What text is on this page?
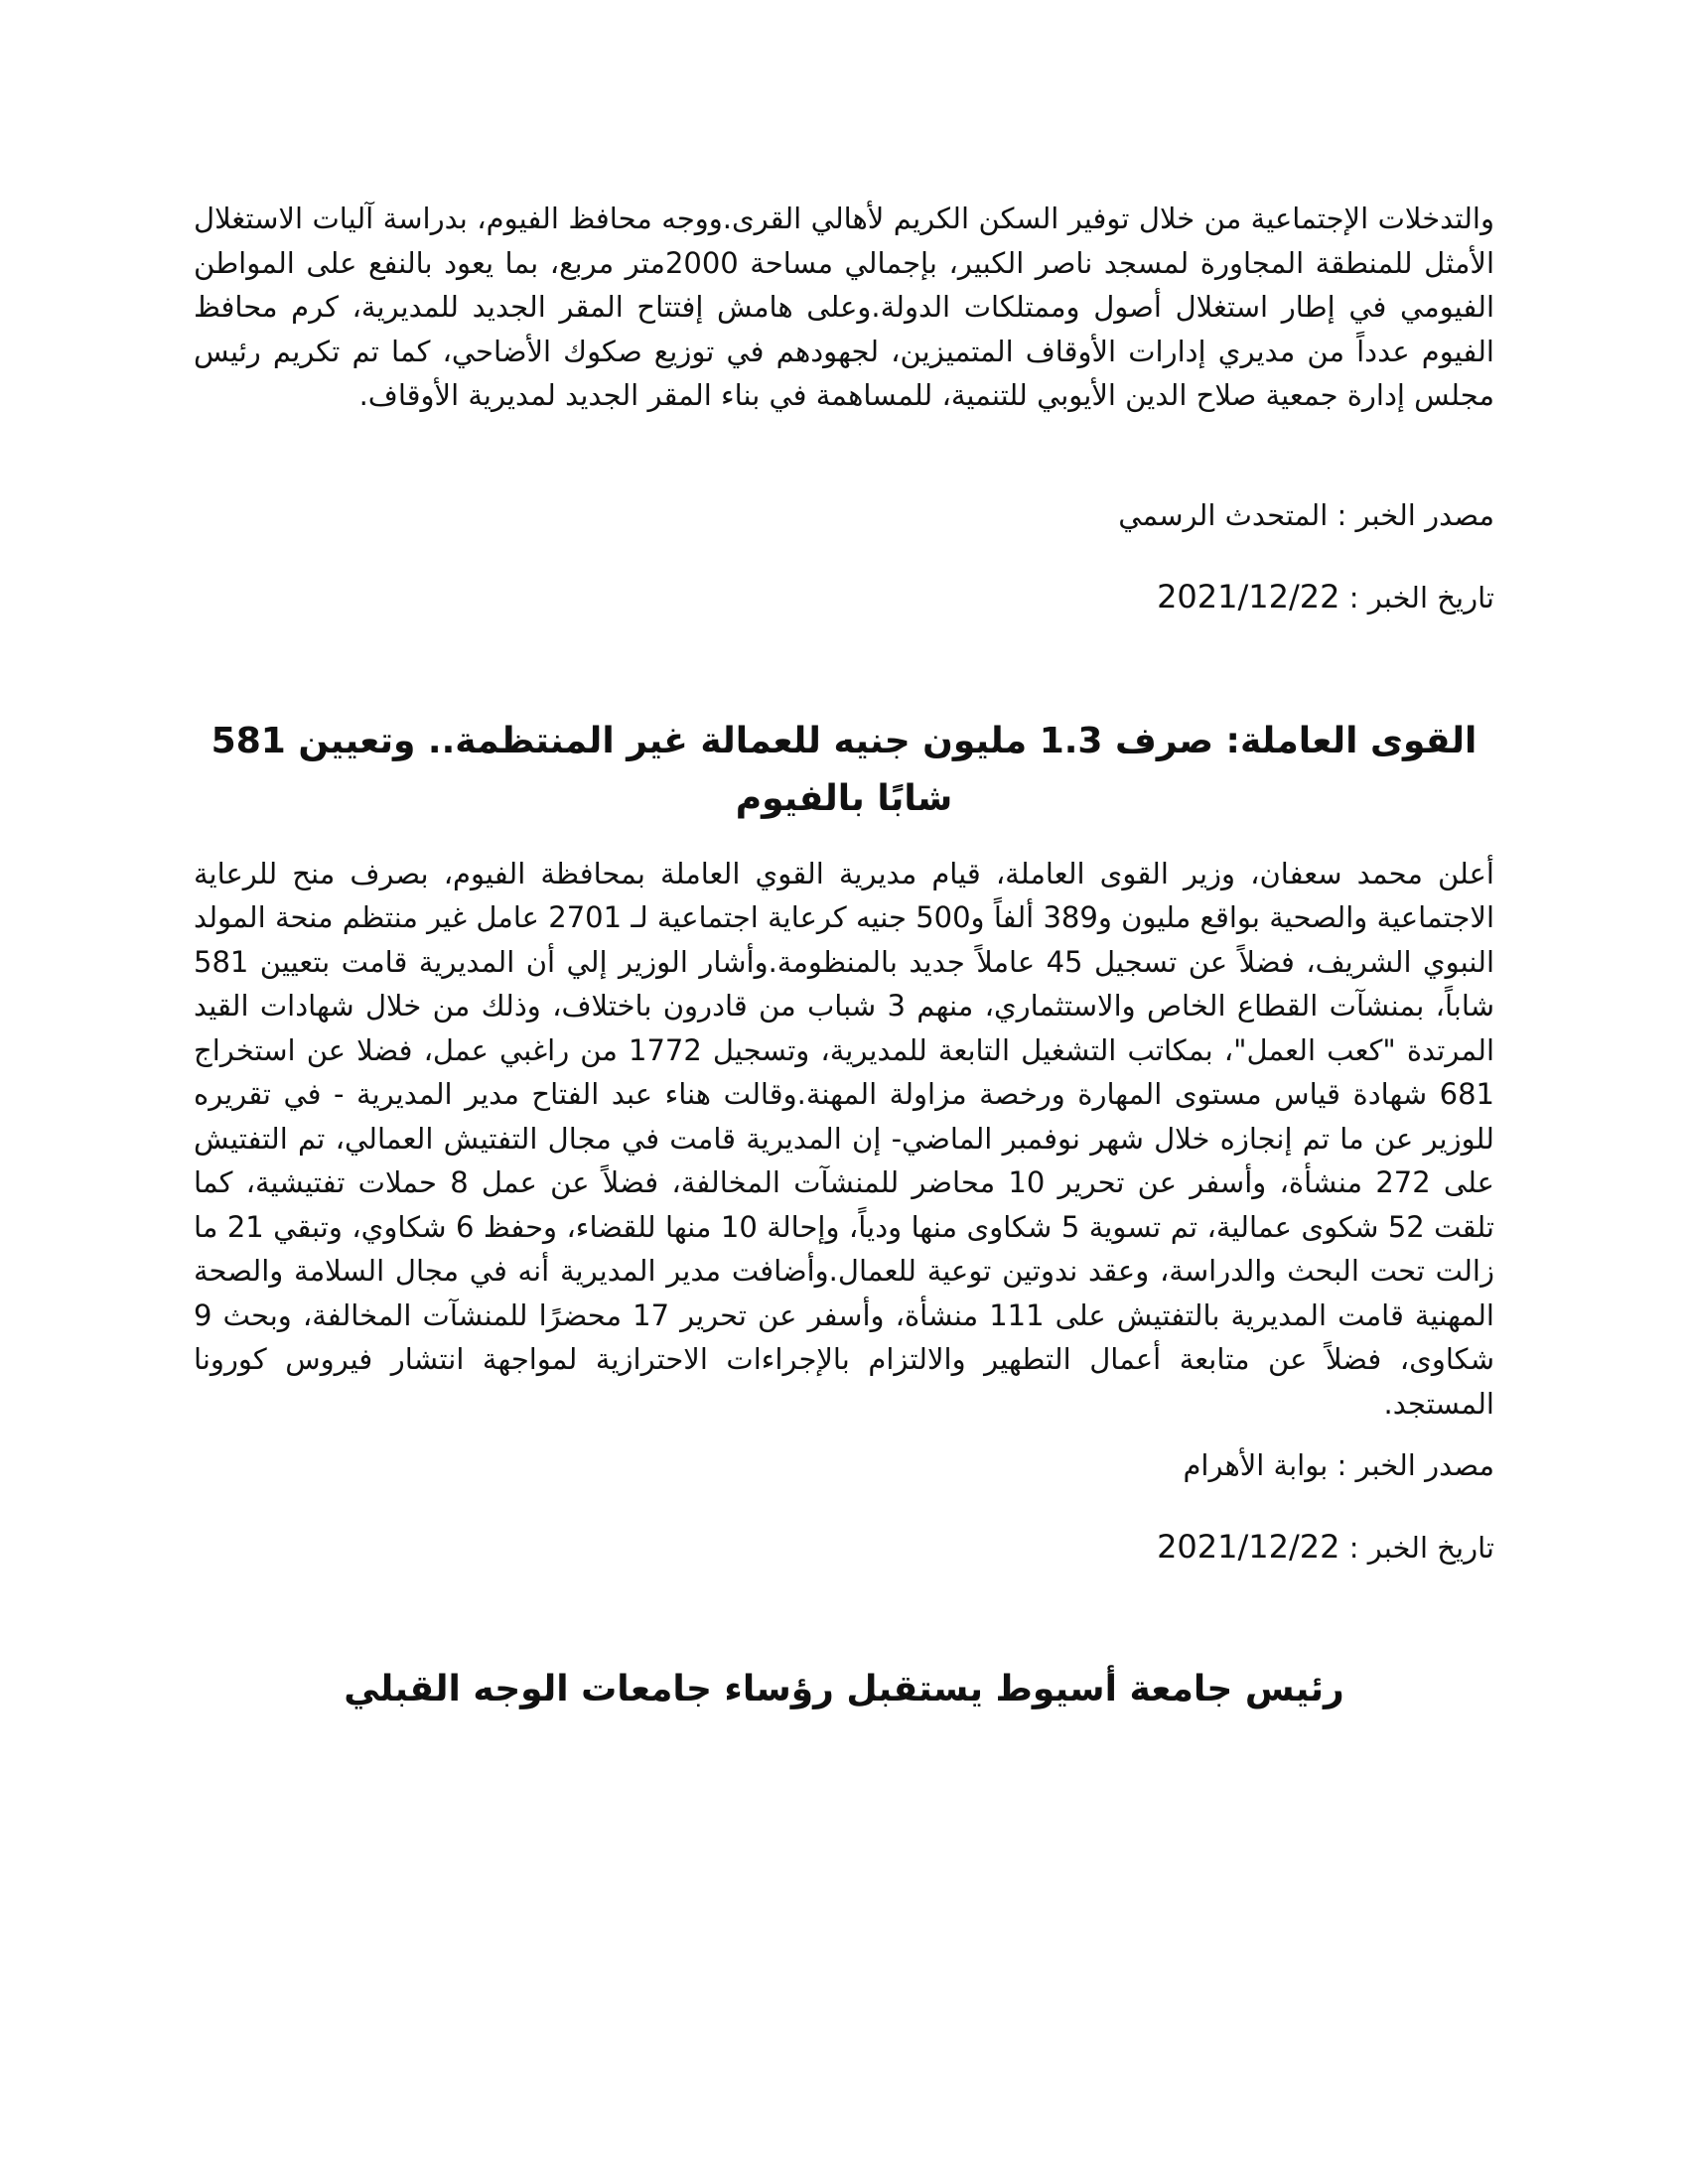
والتدخلات الإجتماعية من خلال توفير السكن الكريم لأهالي القرى.ووجه محافظ الفيوم، بدراسة آليات الاستغلال الأمثل للمنطقة المجاورة لمسجد ناصر الكبير، بإجمالي مساحة 2000متر مربع، بما يعود بالنفع على المواطن الفيومي في إطار استغلال أصول وممتلكات الدولة.وعلى هامش إفتتاح المقر الجديد للمديرية، كرم محافظ الفيوم عدداً من مديري إدارات الأوقاف المتميزين، لجهودهم في توزيع صكوك الأضاحي، كما تم تكريم رئيس مجلس إدارة جمعية صلاح الدين الأيوبي للتنمية، للمساهمة في بناء المقر الجديد لمديرية الأوقاف.

مصدر الخبر : المتحدث الرسمي

تاريخ الخبر : 2021/12/22

القوى العاملة: صرف 1.3 مليون جنيه للعمالة غير المنتظمة.. وتعيين 581 شابًا بالفيوم

أعلن محمد سعفان، وزير القوى العاملة، قيام مديرية القوي العاملة بمحافظة الفيوم، بصرف منح للرعاية الاجتماعية والصحية بواقع مليون و389 ألفاً و500 جنيه كرعاية اجتماعية لـ 2701 عامل غير منتظم منحة المولد النبوي الشريف، فضلاً عن تسجيل 45 عاملاً جديد بالمنظومة.وأشار الوزير إلي أن المديرية قامت بتعيين 581 شاباً، بمنشآت القطاع الخاص والاستثماري، منهم 3 شباب من قادرون باختلاف، وذلك من خلال شهادات القيد المرتدة "كعب العمل"، بمكاتب التشغيل التابعة للمديرية، وتسجيل 1772 من راغبي عمل، فضلا عن استخراج 681 شهادة قياس مستوى المهارة ورخصة مزاولة المهنة.وقالت هناء عبد الفتاح مدير المديرية - في تقريره للوزير عن ما تم إنجازه خلال شهر نوفمبر الماضي- إن المديرية قامت في مجال التفتيش العمالي، تم التفتيش على 272 منشأة، وأسفر عن تحرير 10 محاضر للمنشآت المخالفة، فضلاً عن عمل 8 حملات تفتيشية، كما تلقت 52 شكوى عمالية، تم تسوية 5 شكاوى منها ودياً، وإحالة 10 منها للقضاء، وحفظ 6 شكاوي، وتبقي 21 ما زالت تحت البحث والدراسة، وعقد ندوتين توعية للعمال.وأضافت مدير المديرية أنه في مجال السلامة والصحة المهنية قامت المديرية بالتفتيش على 111 منشأة، وأسفر عن تحرير 17 محضرًا للمنشآت المخالفة، وبحث 9 شكاوى، فضلاً عن متابعة أعمال التطهير والالتزام بالإجراءات الاحترازية لمواجهة انتشار فيروس كورونا المستجد.

مصدر الخبر : بوابة الأهرام

تاريخ الخبر : 2021/12/22

رئيس جامعة أسيوط يستقبل رؤساء جامعات الوجه القبلي
